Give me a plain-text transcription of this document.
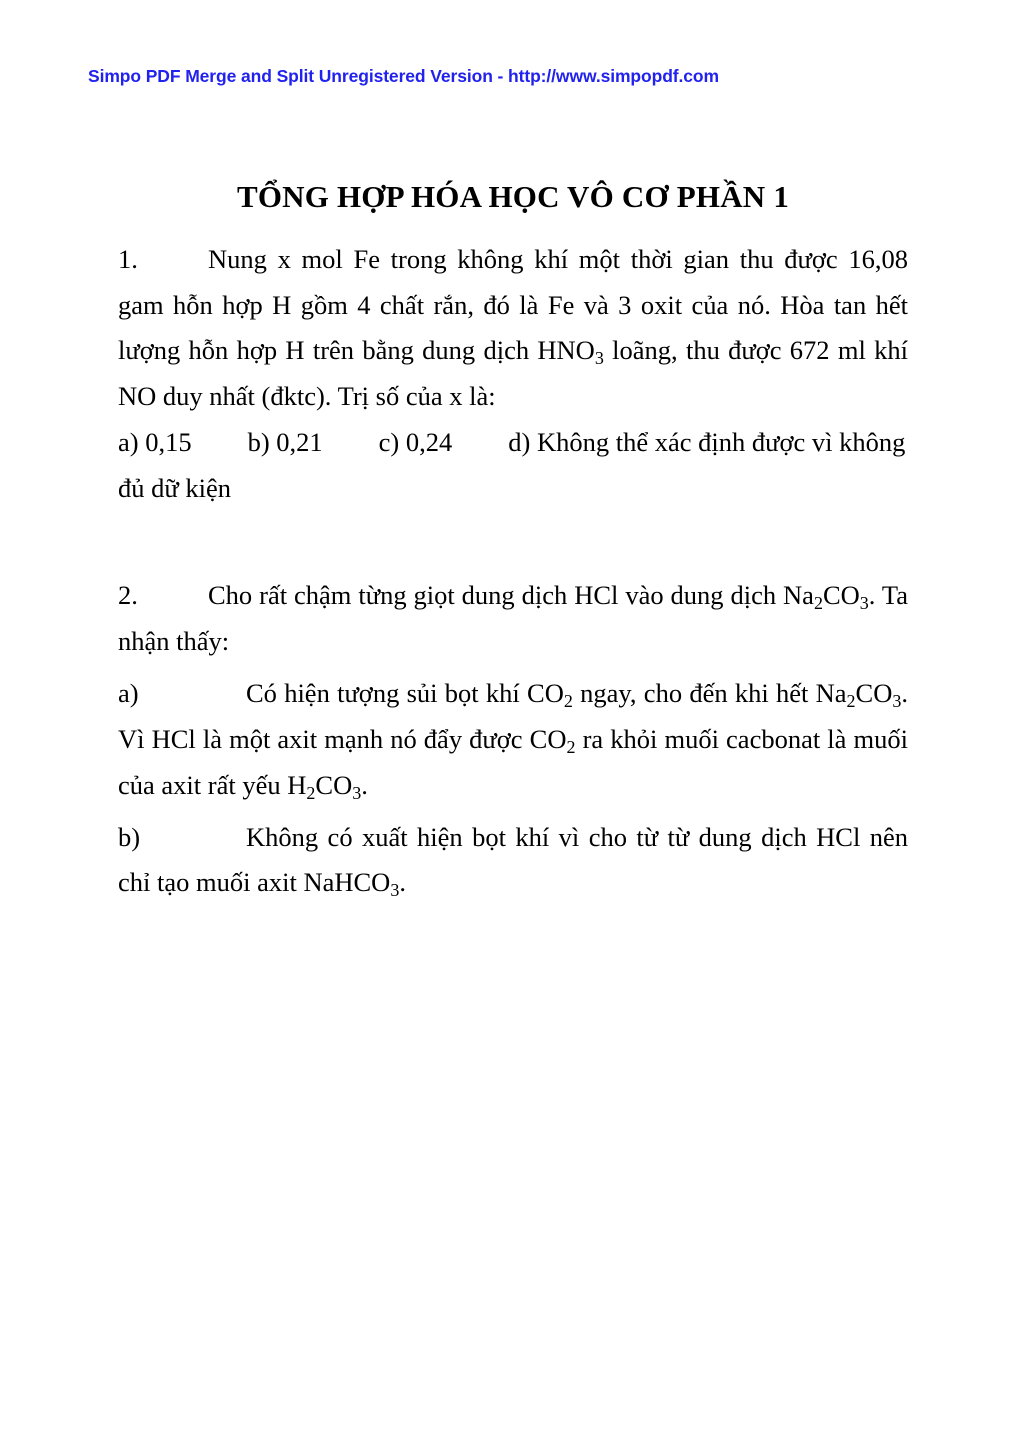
Simpo PDF Merge and Split Unregistered Version - http://www.simpopdf.com
TỔNG HỢP HÓA HỌC VÔ CƠ PHẦN 1

1.	Nung x mol Fe trong không khí một thời gian thu được 16,08 gam hỗn hợp H gồm 4 chất rắn, đó là Fe và 3 oxit của nó. Hòa tan hết lượng hỗn hợp H trên bằng dung dịch $HNO_3$ loãng, thu được 672 ml khí NO duy nhất (đktc). Trị số của x là:

a) 0,15 b) 0,21 c) 0,24 d) Không thể xác định được vì không đủ dữ kiện

2.	Cho rất chậm từng giọt dung dịch HCl vào dung dịch $Na_2CO_3$. Ta nhận thấy:

a)	Có hiện tượng sủi bọt khí $CO_2$ ngay, cho đến khi hết $Na_2CO_3$. Vì HCl là một axit mạnh nó đẩy được $CO_2$ ra khỏi muối cacbonat là muối của axit rất yếu $H_2CO_3$.

b)	Không có xuất hiện bọt khí vì cho từ từ dung dịch HCl nên chỉ tạo muối axit NaHCO$_3$.
